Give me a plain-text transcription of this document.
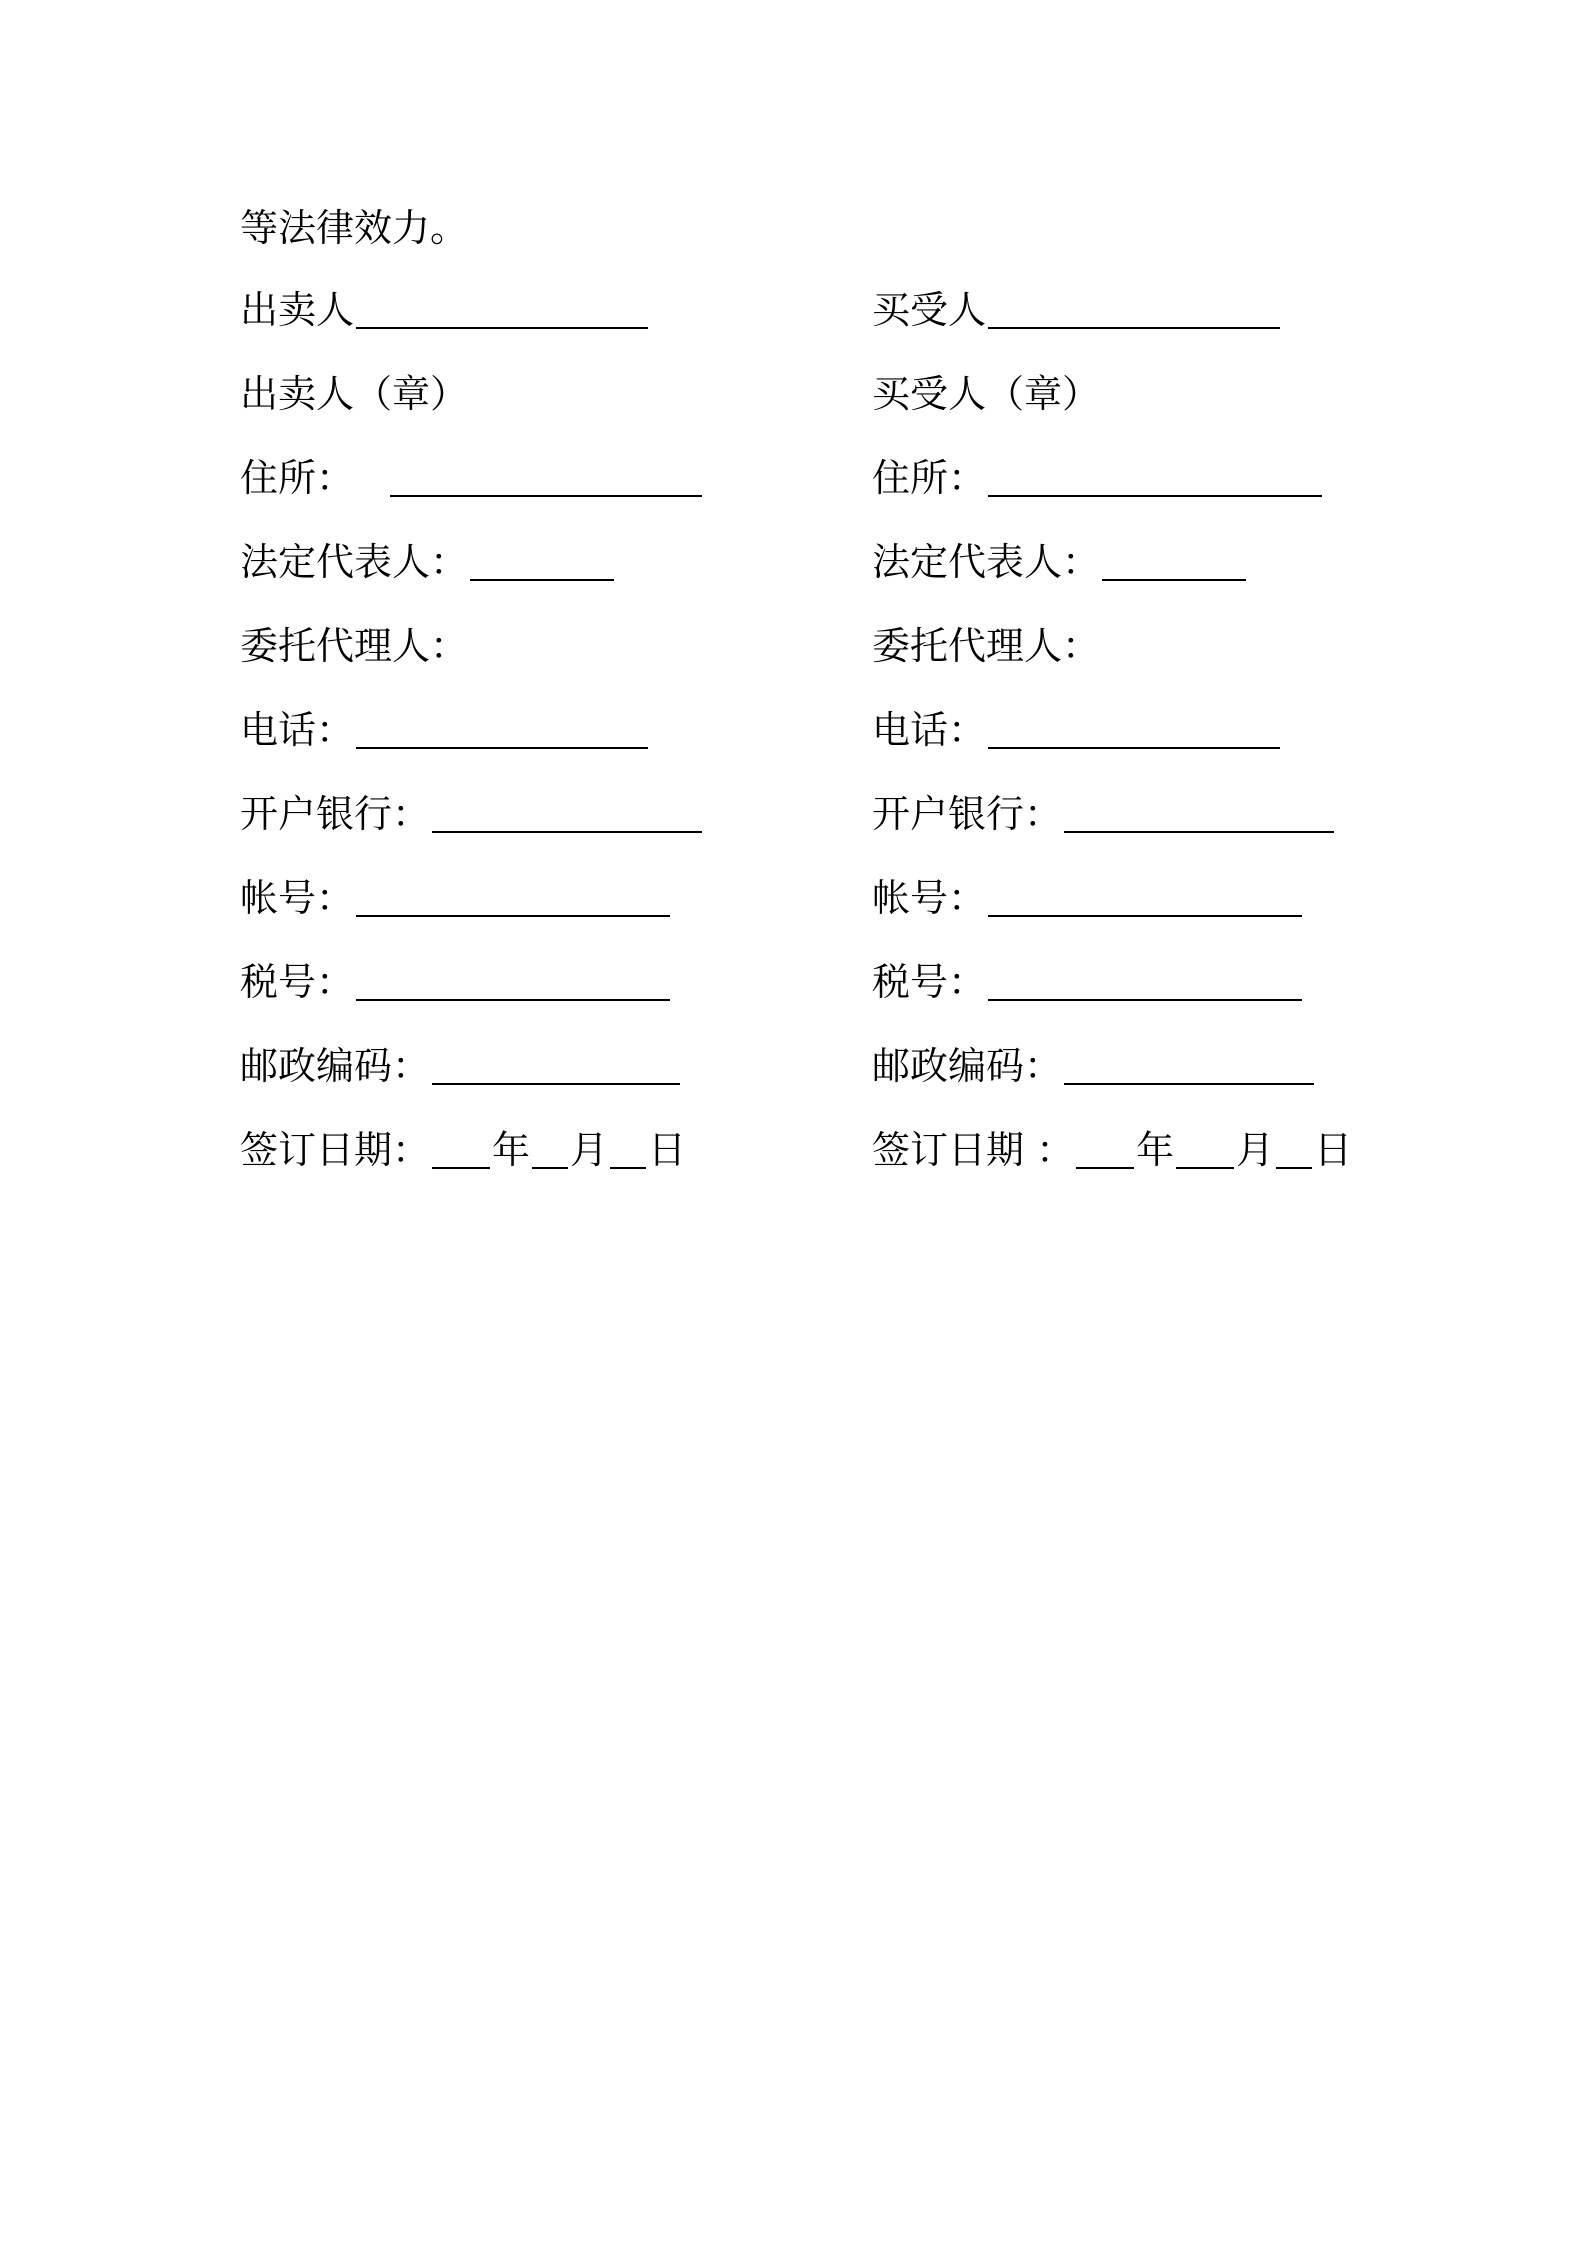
等法律效力。
出卖人
出卖人（章）
住所：
法定代表人：
委托代理人：
电话：
开户银行：
帐号：
税号：
邮政编码：
签订日期： 年 月 日
买受人
买受人（章）
住所：
法定代表人：
委托代理人：
电话：
开户银行：
帐号：
税号：
邮政编码：
签订日期 ： 年 月 日
